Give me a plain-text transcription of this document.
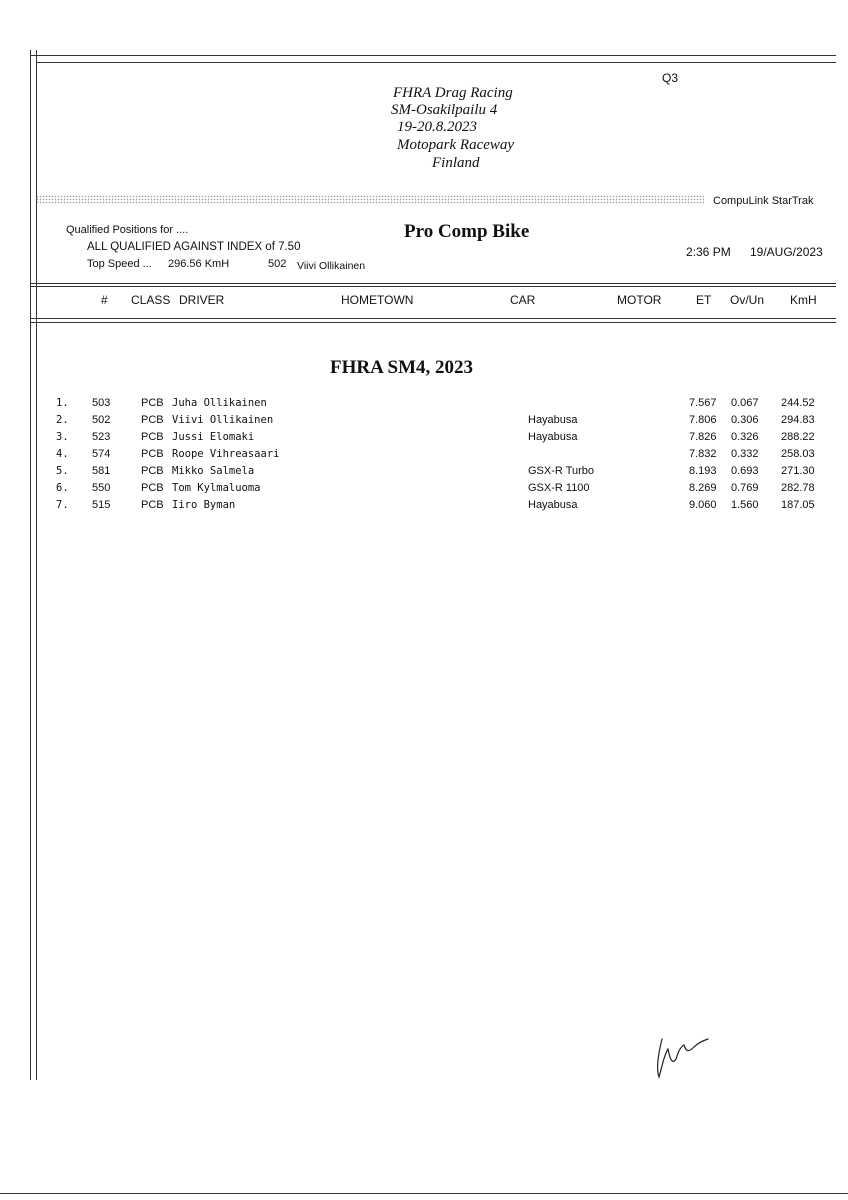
Q3
FHRA Drag Racing
SM-Osakilpailu 4
19-20.8.2023
Motopark Raceway
Finland
CompuLink StarTrak
Qualified Positions for ....
ALL QUALIFIED AGAINST INDEX of 7.50
Top Speed ... 296.56 KmH	502 Viivi Ollikainen
Pro Comp Bike
2:36 PM 19/AUG/2023
# CLASS DRIVER	HOMETOWN	CAR	MOTOR	ET Ov/Un KmH
FHRA SM4, 2023
1. 503	PCB Juha Ollikainen	7.567 0.067 244.52
2. 502	PCB Viivi Ollikainen	Hayabusa	7.806 0.306 294.83
3. 523	PCB Jussi Elomaki	Hayabusa	7.826 0.326 288.22
4. 574	PCB Roope Vihreasaari	7.832 0.332 258.03
5. 581	PCB Mikko Salmela	GSX-R Turbo	8.193 0.693 271.30
6. 550	PCB Tom Kylmaluoma	GSX-R 1100	8.269 0.769 282.78
7. 515	PCB Iiro Byman	Hayabusa	9.060 1.560 187.05
